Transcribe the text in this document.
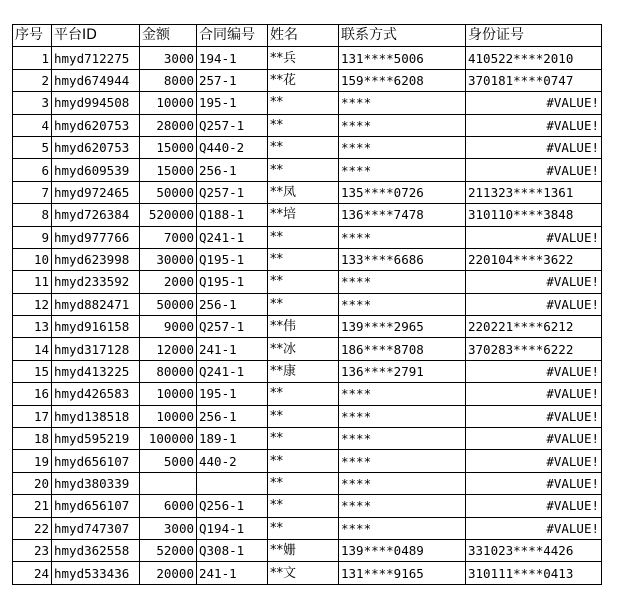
序号	平台ID	金额	合同编号	姓名	联系方式	身份证号
1	hmyd712275	3000	194-1	**兵	131****5006	410522****2010
2	hmyd674944	8000	257-1	**花	159****6208	370181****0747
3	hmyd994508	10000	195-1	**	****	#VALUE!
4	hmyd620753	28000	Q257-1	**	****	#VALUE!
5	hmyd620753	15000	Q440-2	**	****	#VALUE!
6	hmyd609539	15000	256-1	**	****	#VALUE!
7	hmyd972465	50000	Q257-1	**凤	135****0726	211323****1361
8	hmyd726384	520000	Q188-1	**培	136****7478	310110****3848
9	hmyd977766	7000	Q241-1	**	****	#VALUE!
10	hmyd623998	30000	Q195-1	**	133****6686	220104****3622
11	hmyd233592	2000	Q195-1	**	****	#VALUE!
12	hmyd882471	50000	256-1	**	****	#VALUE!
13	hmyd916158	9000	Q257-1	**伟	139****2965	220221****6212
14	hmyd317128	12000	241-1	**冰	186****8708	370283****6222
15	hmyd413225	80000	Q241-1	**康	136****2791	#VALUE!
16	hmyd426583	10000	195-1	**	****	#VALUE!
17	hmyd138518	10000	256-1	**	****	#VALUE!
18	hmyd595219	100000	189-1	**	****	#VALUE!
19	hmyd656107	5000	440-2	**	****	#VALUE!
20	hmyd380339			**	****	#VALUE!
21	hmyd656107	6000	Q256-1	**	****	#VALUE!
22	hmyd747307	3000	Q194-1	**	****	#VALUE!
23	hmyd362558	52000	Q308-1	**姗	139****0489	331023****4426
24	hmyd533436	20000	241-1	**文	131****9165	310111****0413
